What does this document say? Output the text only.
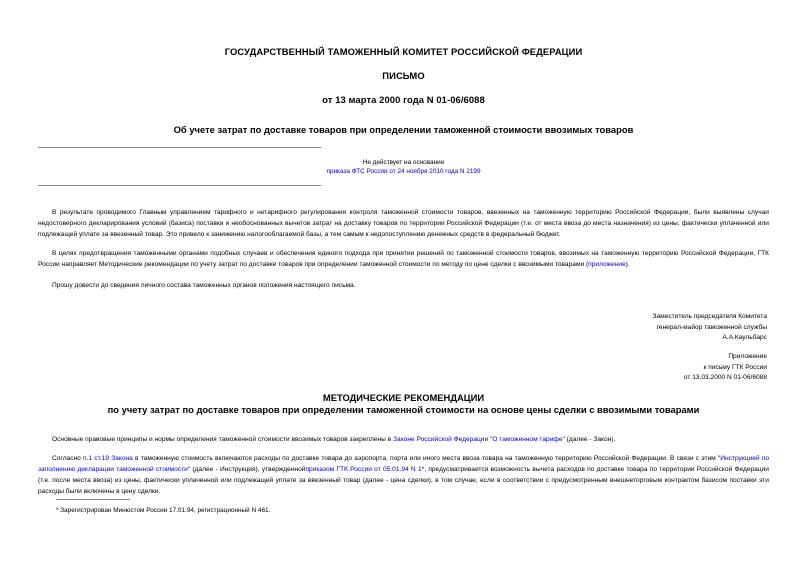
ГОСУДАРСТВЕННЫЙ ТАМОЖЕННЫЙ КОМИТЕТ РОССИЙСКОЙ ФЕДЕРАЦИИ
ПИСЬМО
от 13 марта 2000 года N 01-06/6088
Об учете затрат по доставке товаров при определении таможенной стоимости ввозимых товаров
Не действует на основании
приказа ФТС России от 24 ноября 2010 года N 2199
В результате проводимого Главным управлением тарифного и нетарифного регулирования контроля таможенной стоимости товаров, ввезенных на таможенную территорию Российской Федерации, были выявлены случаи недостоверного декларирования условий (базиса) поставки и необоснованных вычетов затрат на доставку товаров по территории Российской Федерации (т.е. от места ввоза до места назначения) из цены, фактически уплаченной или подлежащей уплате за ввезенный товар. Это привело к занижению налогооблагаемой базы, а тем самым к недопоступлению денежных средств в федеральный бюджет.
В целях предотвращения таможенными органами подобных случаев и обеспечения единого подхода при принятии решений по таможенной стоимости товаров, ввозимых на таможенную территорию Российской Федерации, ГТК России направляет Методические рекомендации по учету затрат по доставке товаров при определении таможенной стоимости по методу по цене сделки с ввозимыми товарами (приложение).
Прошу довести до сведения личного состава таможенных органов положения настоящего письма.
Заместитель председателя Комитета
генерал-майор таможенной службы
А.А.Каульбарс
Приложение
к письму ГТК России
от 13.03.2000 N 01-06/6088
МЕТОДИЧЕСКИЕ РЕКОМЕНДАЦИИ
по учету затрат по доставке товаров при определении таможенной стоимости на основе цены сделки с ввозимыми товарами
Основные правовые принципы и нормы определения таможенной стоимости ввозимых товаров закреплены в Законе Российской Федерации "О таможенном тарифе" (далее - Закон).
Согласно п.1 ст.19 Закона в таможенную стоимость включаются расходы по доставке товара до аэропорта, порта или иного места ввоза товара на таможенную территорию Российской Федерации. В связи с этим "Инструкцией по заполнению декларации таможенной стоимости" (далее - Инструкция), утвержденнойприказом ГТК России от 05.01.94 N 1*, предусматривается возможность вычета расходов по доставке товара по территории Российской Федерации (т.е. после места ввоза) из цены, фактически уплаченной или подлежащей уплате за ввезенный товар (далее - цена сделки), в том случае, если в соответствии с предусмотренным внешнеторговым контрактом базисом поставки эти расходы были включены в цену сделки.
* Зарегистрирован Минюстом России 17.01.94, регистрационный N 461.
